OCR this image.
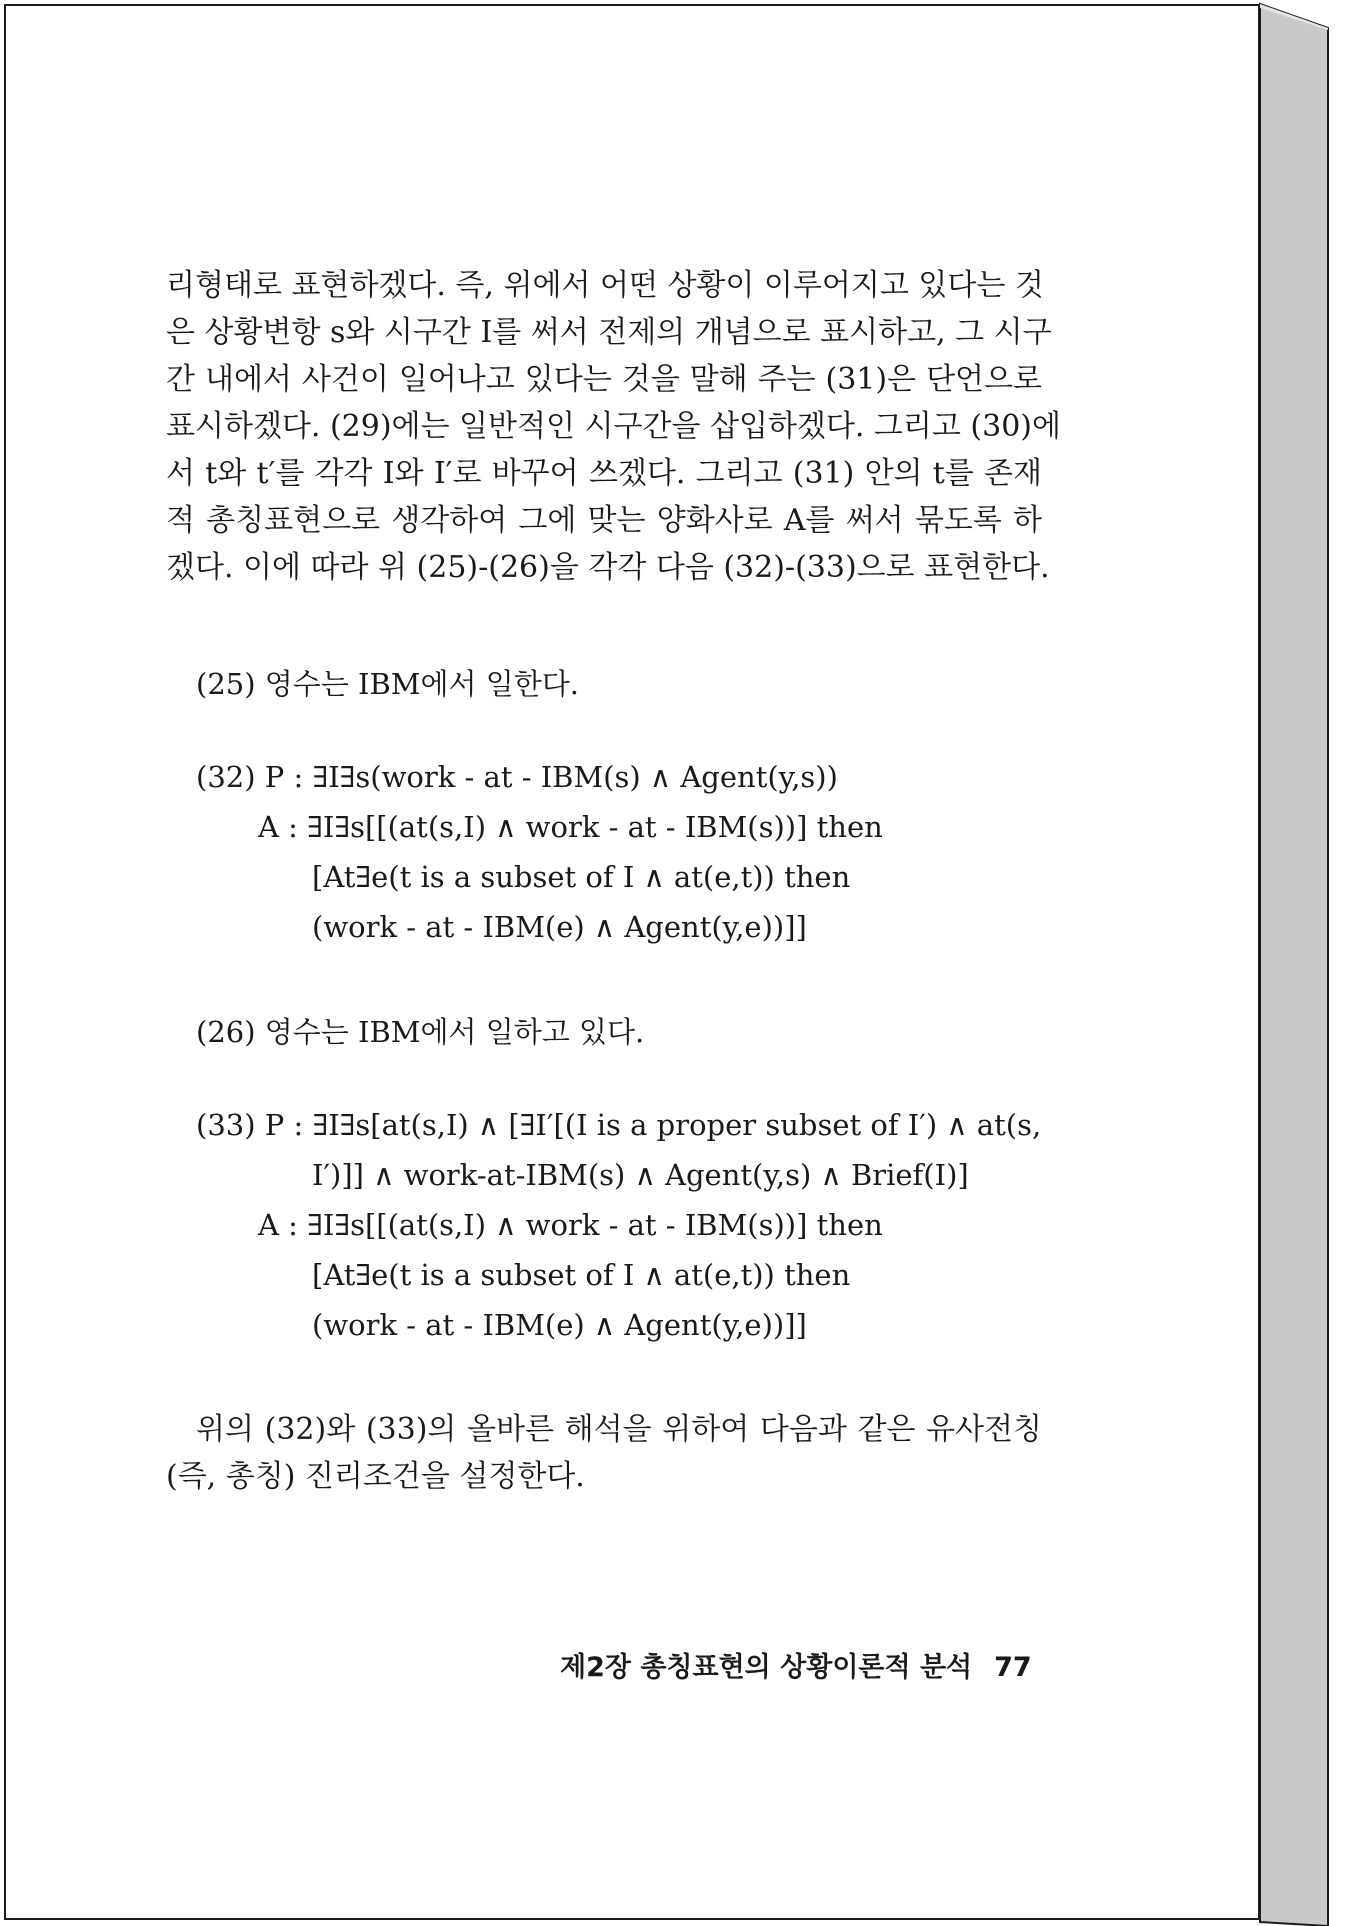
리형태로 표현하겠다. 즉, 위에서 어떤 상황이 이루어지고 있다는 것
은 상황변항 s와 시구간 I를 써서 전제의 개념으로 표시하고, 그 시구
간 내에서 사건이 일어나고 있다는 것을 말해 주는 (31)은 단언으로
표시하겠다. (29)에는 일반적인 시구간을 삽입하겠다. 그리고 (30)에
서 t와 t′를 각각 I와 I′로 바꾸어 쓰겠다. 그리고 (31) 안의 t를 존재
적 총칭표현으로 생각하여 그에 맞는 양화사로 A를 써서 묶도록 하
겠다. 이에 따라 위 (25)-(26)을 각각 다음 (32)-(33)으로 표현한다.
(25) 영수는 IBM에서 일한다.
(32) P : ∃I∃s(work - at - IBM(s) ∧ Agent(y,s))
A : ∃I∃s[[(at(s,I) ∧ work - at - IBM(s))] then
[At∃e(t is a subset of I ∧ at(e,t)) then
(work - at - IBM(e) ∧ Agent(y,e))]]
(26) 영수는 IBM에서 일하고 있다.
(33) P : ∃I∃s[at(s,I) ∧ [∃I′[(I is a proper subset of I′) ∧ at(s,
I′)]] ∧ work-at-IBM(s) ∧ Agent(y,s) ∧ Brief(I)]
A : ∃I∃s[[(at(s,I) ∧ work - at - IBM(s))] then
[At∃e(t is a subset of I ∧ at(e,t)) then
(work - at - IBM(e) ∧ Agent(y,e))]]
위의 (32)와 (33)의 올바른 해석을 위하여 다음과 같은 유사전칭
(즉, 총칭) 진리조건을 설정한다.
제2장 총칭표현의 상황이론적 분석 77
